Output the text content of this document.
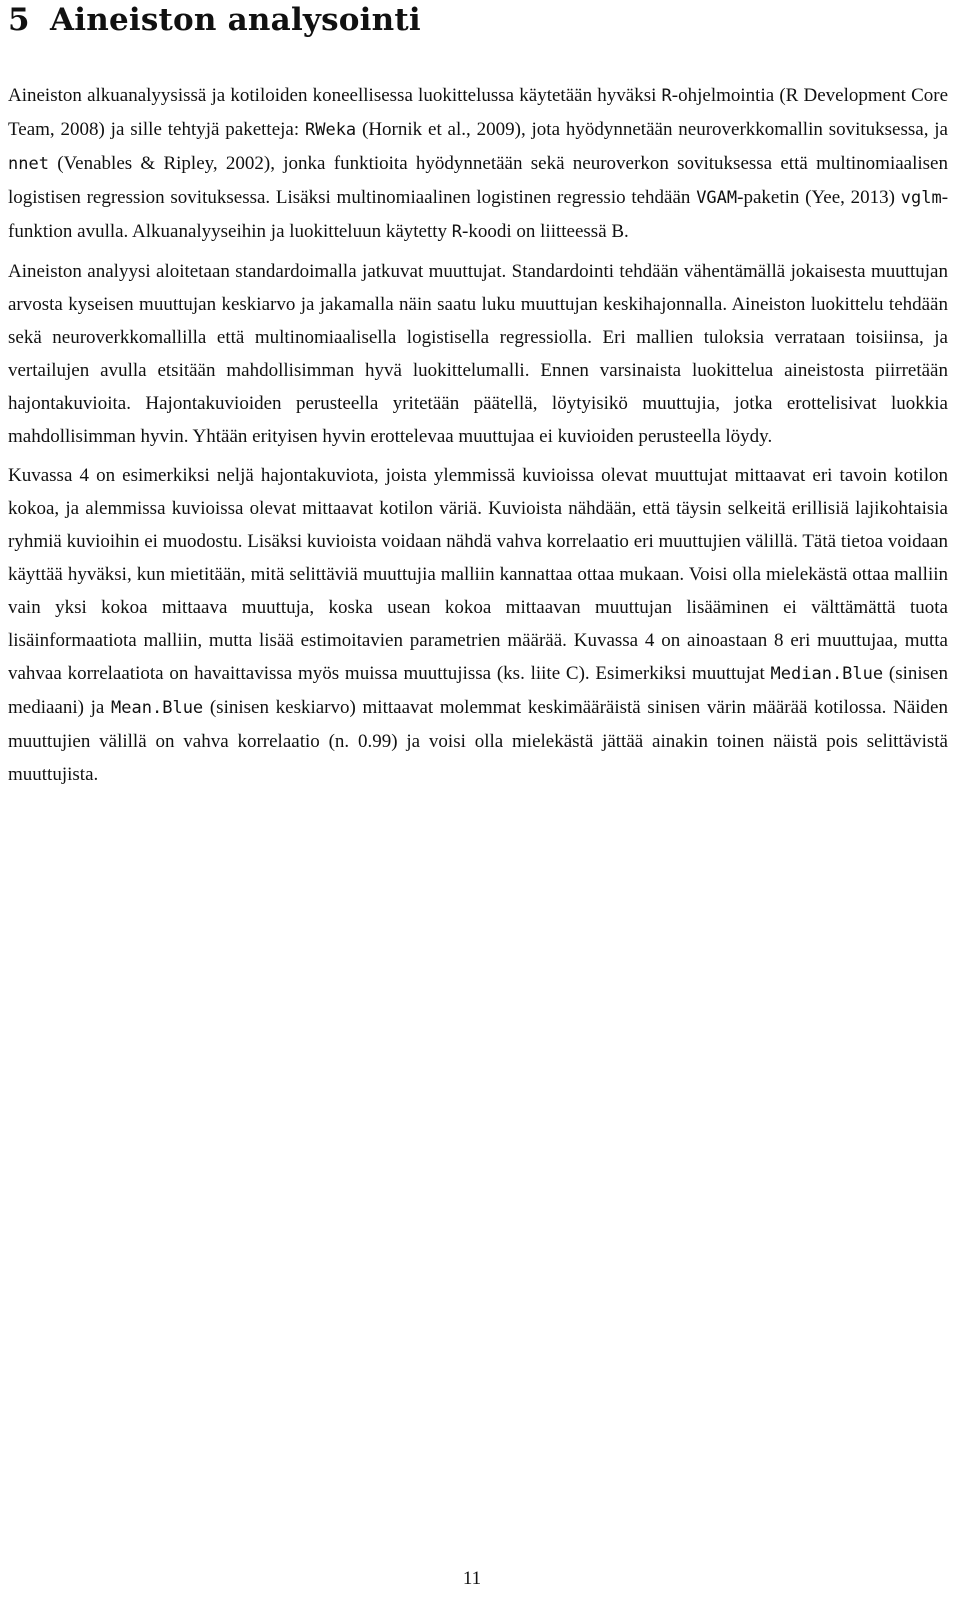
5 Aineiston analysointi

Aineiston alkuanalyysissä ja kotiloiden koneellisessa luokittelussa käytetään hyväksi R-ohjelmointia (R Development Core Team, 2008) ja sille tehtyjä paketteja: RWeka (Hornik et al., 2009), jota hyödynnetään neuroverkkomallin sovituksessa, ja nnet (Venables & Ripley, 2002), jonka funktioita hyödynnetään sekä neuroverkon sovituksessa että multinomiaalisen logistisen regression sovituksessa. Lisäksi multinomiaalinen logistinen regressio tehdään VGAM-paketin (Yee, 2013) vglm-funktion avulla. Alkuanalyyseihin ja luokitteluun käytetty R-koodi on liitteessä B.

Aineiston analyysi aloitetaan standardoimalla jatkuvat muuttujat. Standardointi tehdään vähentämällä jokaisesta muuttujan arvosta kyseisen muuttujan keskiarvo ja jakamalla näin saatu luku muuttujan keskihajonnalla. Aineiston luokittelu tehdään sekä neuroverkkomallilla että multinomiaalisella logistisella regressiolla. Eri mallien tuloksia verrataan toisiinsa, ja vertailujen avulla etsitään mahdollisimman hyvä luokittelumalli. Ennen varsinaista luokittelua aineistosta piirretään hajontakuvioita. Hajontakuvioiden perusteella yritetään päätellä, löytyisikö muuttujia, jotka erottelisivat luokkia mahdollisimman hyvin. Yhtään erityisen hyvin erottelevaa muuttujaa ei kuvioiden perusteella löydy.

Kuvassa 4 on esimerkiksi neljä hajontakuviota, joista ylemmissä kuvioissa olevat muuttujat mittaavat eri tavoin kotilon kokoa, ja alemmissa kuvioissa olevat mittaavat kotilon väriä. Kuvioista nähdään, että täysin selkeitä erillisiä lajikohtaisia ryhmiä kuvioihin ei muodostu. Lisäksi kuvioista voidaan nähdä vahva korrelaatio eri muuttujien välillä. Tätä tietoa voidaan käyttää hyväksi, kun mietitään, mitä selittäviä muuttujia malliin kannattaa ottaa mukaan. Voisi olla mielekästä ottaa malliin vain yksi kokoa mittaava muuttuja, koska usean kokoa mittaavan muuttujan lisääminen ei välttämättä tuota lisäinformaatiota malliin, mutta lisää estimoitavien parametrien määrää. Kuvassa 4 on ainoastaan 8 eri muuttujaa, mutta vahvaa korrelaatiota on havaittavissa myös muissa muuttujissa (ks. liite C). Esimerkiksi muuttujat Median.Blue (sinisen mediaani) ja Mean.Blue (sinisen keskiarvo) mittaavat molemmat keskimääräistä sinisen värin määrää kotilossa. Näiden muuttujien välillä on vahva korrelaatio (n. 0.99) ja voisi olla mielekästä jättää ainakin toinen näistä pois selittävistä muuttujista.

11
